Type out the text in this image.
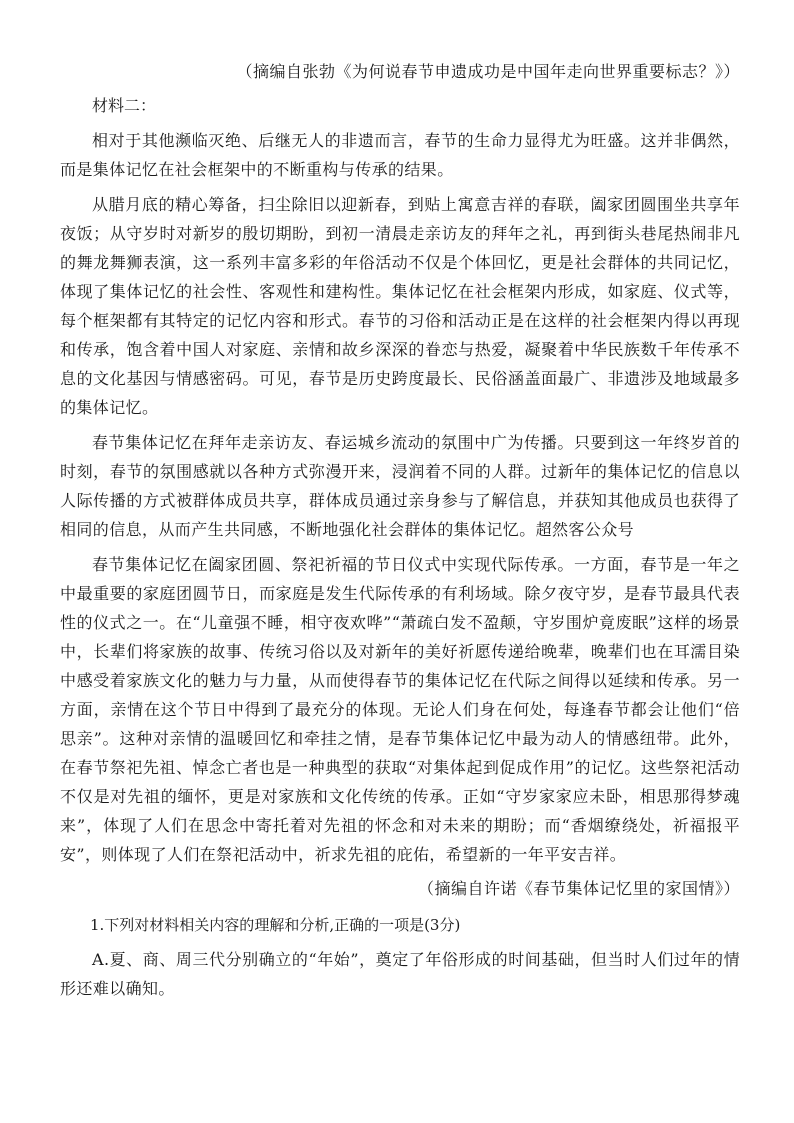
（摘编自张勃《为何说春节申遗成功是中国年走向世界重要标志？》）

材料二：

相对于其他濒临灭绝、后继无人的非遗而言，春节的生命力显得尤为旺盛。这并非偶然，而是集体记忆在社会框架中的不断重构与传承的结果。

从腊月底的精心筹备，扫尘除旧以迎新春，到贴上寓意吉祥的春联，阖家团圆围坐共享年夜饭；从守岁时对新岁的殷切期盼，到初一清晨走亲访友的拜年之礼，再到街头巷尾热闹非凡的舞龙舞狮表演，这一系列丰富多彩的年俗活动不仅是个体回忆，更是社会群体的共同记忆，体现了集体记忆的社会性、客观性和建构性。集体记忆在社会框架内形成，如家庭、仪式等，每个框架都有其特定的记忆内容和形式。春节的习俗和活动正是在这样的社会框架内得以再现和传承，饱含着中国人对家庭、亲情和故乡深深的眷恋与热爱，凝聚着中华民族数千年传承不息的文化基因与情感密码。可见，春节是历史跨度最长、民俗涵盖面最广、非遗涉及地域最多的集体记忆。

春节集体记忆在拜年走亲访友、春运城乡流动的氛围中广为传播。只要到这一年终岁首的时刻，春节的氛围感就以各种方式弥漫开来，浸润着不同的人群。过新年的集体记忆的信息以人际传播的方式被群体成员共享，群体成员通过亲身参与了解信息，并获知其他成员也获得了相同的信息，从而产生共同感，不断地强化社会群体的集体记忆。超然客公众号

春节集体记忆在阖家团圆、祭祀祈福的节日仪式中实现代际传承。一方面，春节是一年之中最重要的家庭团圆节日，而家庭是发生代际传承的有利场域。除夕夜守岁，是春节最具代表性的仪式之一。在“儿童强不睡，相守夜欢哗”“萧疏白发不盈颠，守岁围炉竟废眠”这样的场景中，长辈们将家族的故事、传统习俗以及对新年的美好祈愿传递给晚辈，晚辈们也在耳濡目染中感受着家族文化的魅力与力量，从而使得春节的集体记忆在代际之间得以延续和传承。另一方面，亲情在这个节日中得到了最充分的体现。无论人们身在何处，每逢春节都会让他们“倍思亲”。这种对亲情的温暖回忆和牵挂之情，是春节集体记忆中最为动人的情感纽带。此外，在春节祭祀先祖、悼念亡者也是一种典型的获取“对集体起到促成作用”的记忆。这些祭祀活动不仅是对先祖的缅怀，更是对家族和文化传统的传承。正如“守岁家家应未卧，相思那得梦魂来”，体现了人们在思念中寄托着对先祖的怀念和对未来的期盼；而“香烟缭绕处，祈福报平安”，则体现了人们在祭祀活动中，祈求先祖的庇佑，希望新的一年平安吉祥。

（摘编自许诺《春节集体记忆里的家国情》）

1.下列对材料相关内容的理解和分析,正确的一项是(3分)

A.夏、商、周三代分别确立的“年始”，奠定了年俗形成的时间基础，但当时人们过年的情形还难以确知。
